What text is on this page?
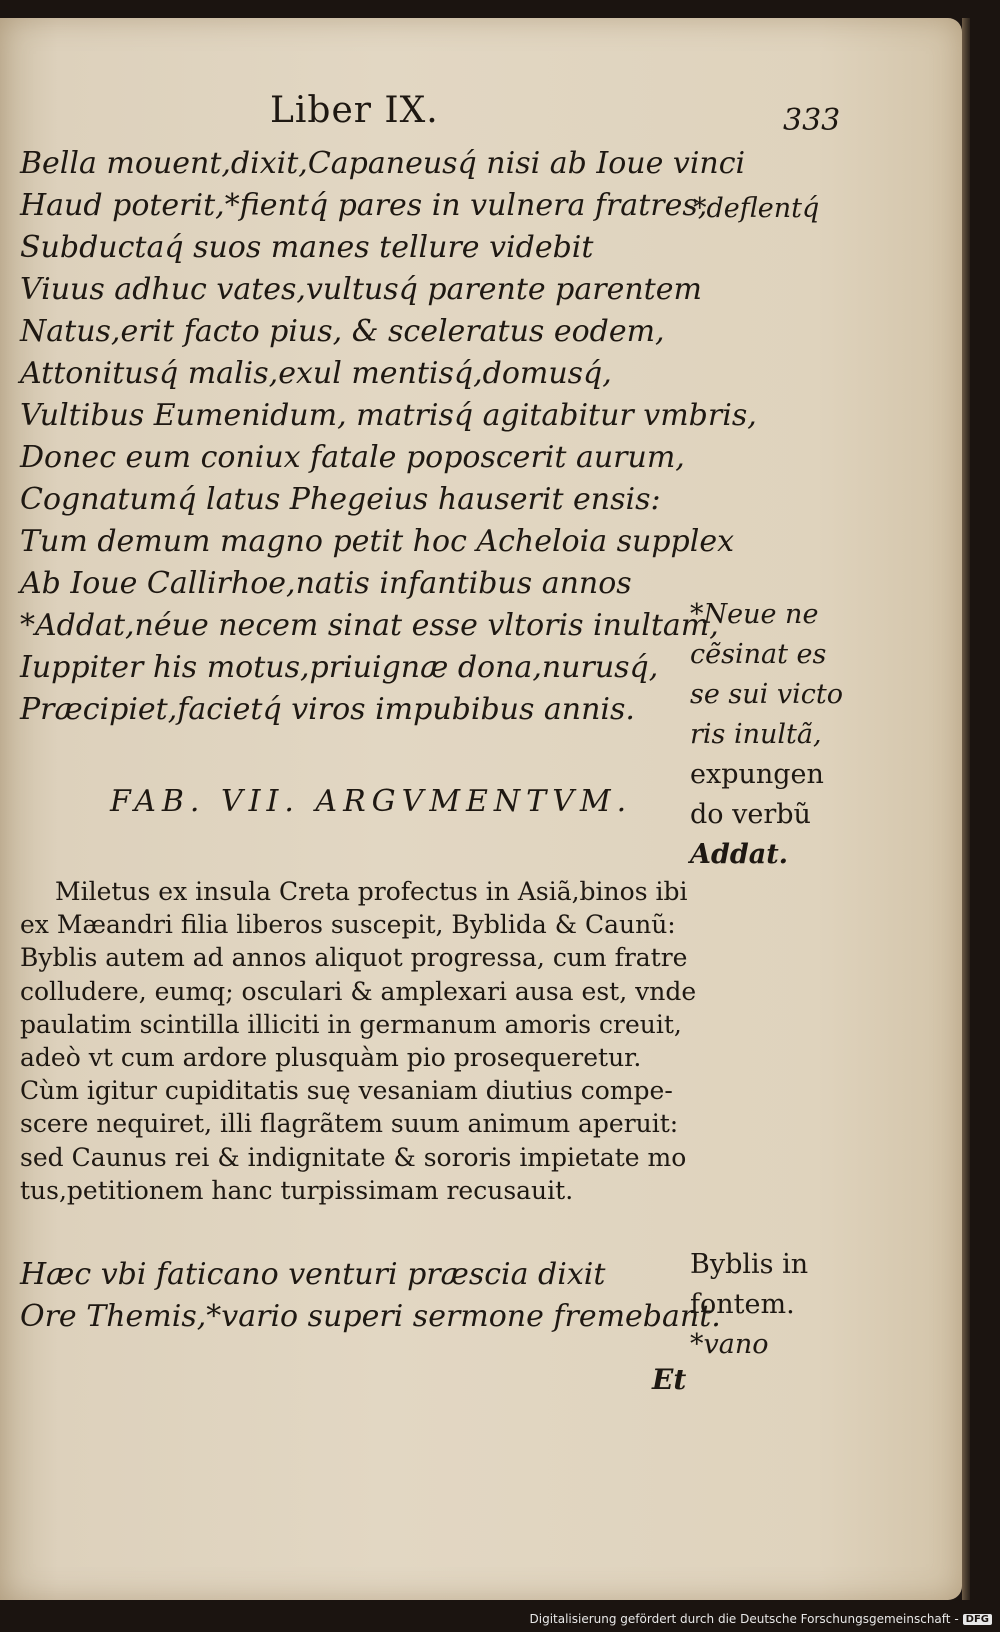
Liber IX.	333
Bella mouent,dixit,Capaneusq́ nisi ab Ioue vinci
Haud poterit,*fientq́ pares in vulnera fratres,
Subductaq́ suos manes tellure videbit
Viuus adhuc vates,vultusq́ parente parentem
Natus,erit facto pius, & sceleratus eodem,
Attonitusq́ malis,exul mentisq́,domusq́,
Vultibus Eumenidum, matrisq́ agitabitur vmbris,
Donec eum coniux fatale poposcerit aurum,
Cognatumq́ latus Phegeius hauserit ensis:
Tum demum magno petit hoc Acheloia supplex
Ab Ioue Callirhoe,natis infantibus annos
*Addat,néue necem sinat esse vltoris inultam,
Iuppiter his motus,priuignæ dona,nurusq́,
Præcipiet,facietq́ viros impubibus annis.
FAB. VII. ARGVMENTVM.
Miletus ex insula Creta profectus in Asiã,binos ibi
ex Mæandri filia liberos suscepit, Byblida & Caunũ:
Byblis autem ad annos aliquot progressa, cum fratre
colludere, eumq; osculari & amplexari ausa est, vnde
paulatim scintilla illiciti in germanum amoris creuit,
adeò vt cum ardore plusquàm pio prosequeretur.
Cùm igitur cupiditatis suę vesaniam diutius compe-
scere nequiret, illi flagrãtem suum animum aperuit:
sed Caunus rei & indignitate & sororis impietate mo
tus,petitionem hanc turpissimam recusauit.
Hæc vbi faticano venturi præscia dixit
Ore Themis,*vario superi sermone fremebant.
*deflentq́
*Neue ne
cẽsinat es
se sui victo
ris inultã,
expungen
do verbũ
Addat.
Byblis in
fontem.
*vano
Et
Digitalisierung gefördert durch die Deutsche Forschungsgemeinschaft - DFG
